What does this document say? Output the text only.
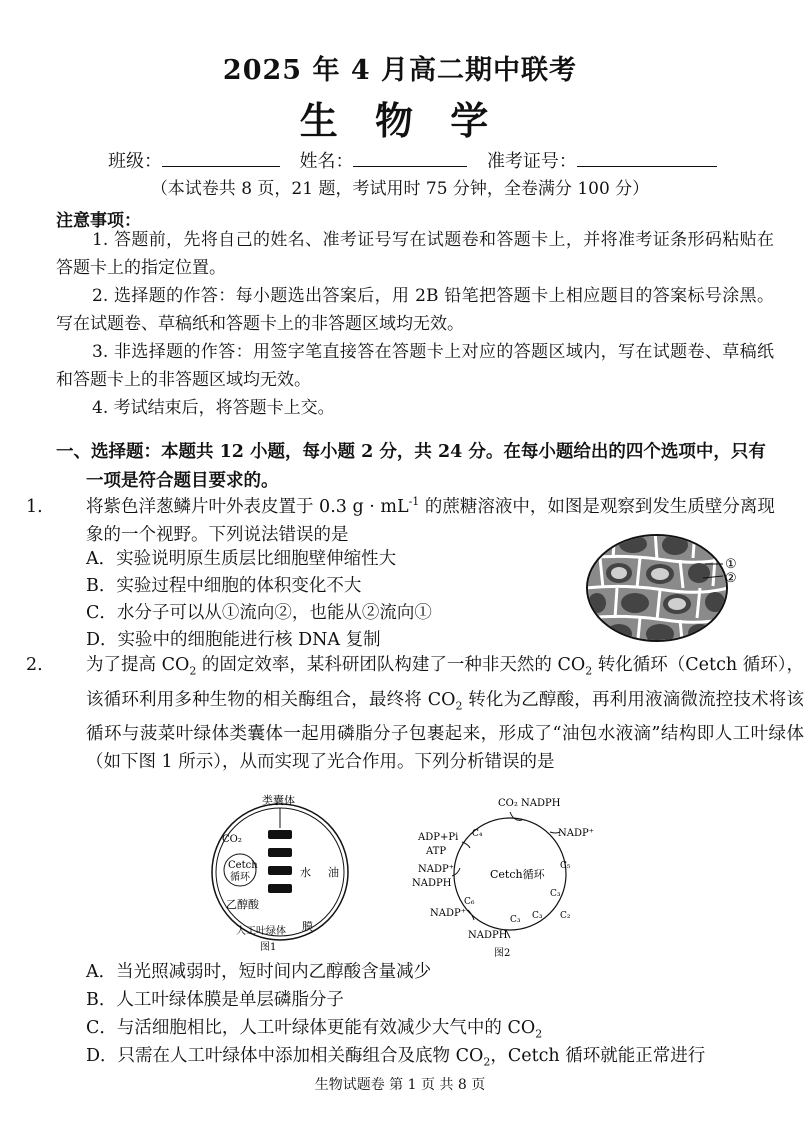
2025 年 4 月高二期中联考
生 物 学
班级：	姓名：	准考证号：
（本试卷共 8 页，21 题，考试用时 75 分钟，全卷满分 100 分）
注意事项：
1. 答题前，先将自己的姓名、准考证号写在试题卷和答题卡上，并将准考证条形码粘贴在答题卡上的指定位置。
2. 选择题的作答：每小题选出答案后，用 2B 铅笔把答题卡上相应题目的答案标号涂黑。写在试题卷、草稿纸和答题卡上的非答题区域均无效。
3. 非选择题的作答：用签字笔直接答在答题卡上对应的答题区域内，写在试题卷、草稿纸和答题卡上的非答题区域均无效。
4. 考试结束后，将答题卡上交。
一、选择题：本题共 12 小题，每小题 2 分，共 24 分。在每小题给出的四个选项中，只有一项是符合题目要求的。
1. 将紫色洋葱鳞片叶外表皮置于 0.3 $g \cdot mL^{-1}$ 的蔗糖溶液中，如图是观察到发生质壁分离现象的一个视野。下列说法错误的是
A．实验说明原生质层比细胞壁伸缩性大
B．实验过程中细胞的体积变化不大
C．水分子可以从①流向②，也能从②流向①
D．实验中的细胞能进行核 DNA 复制
①
②
2. 为了提高 $CO_2$ 的固定效率，某科研团队构建了一种非天然的 $CO_2$ 转化循环（Cetch 循环），该循环利用多种生物的相关酶组合，最终将 $CO_2$ 转化为乙醇酸，再利用液滴微流控技术将该循环与菠菜叶绿体类囊体一起用磷脂分子包裹起来，形成了“油包水液滴”结构即人工叶绿体（如下图 1 所示），从而实现了光合作用。下列分析错误的是
类囊体
CO₂
Cetch
循环	水 油
乙醇酸
人工叶绿体 膜
图1
Cetch循环
CO₂ NADPH
NADP⁺
ADP+Pi
ATP
NADP⁺
NADPH
NADP⁺
NADPH
C₄
C₅
C₃
C₃ C₂
C₆
C₃
图2
A．当光照减弱时，短时间内乙醇酸含量减少
B．人工叶绿体膜是单层磷脂分子
C．与活细胞相比，人工叶绿体更能有效减少大气中的 $CO_2$
D．只需在人工叶绿体中添加相关酶组合及底物 $CO_2$，Cetch 循环就能正常进行
生物试题卷 第 1 页 共 8 页
